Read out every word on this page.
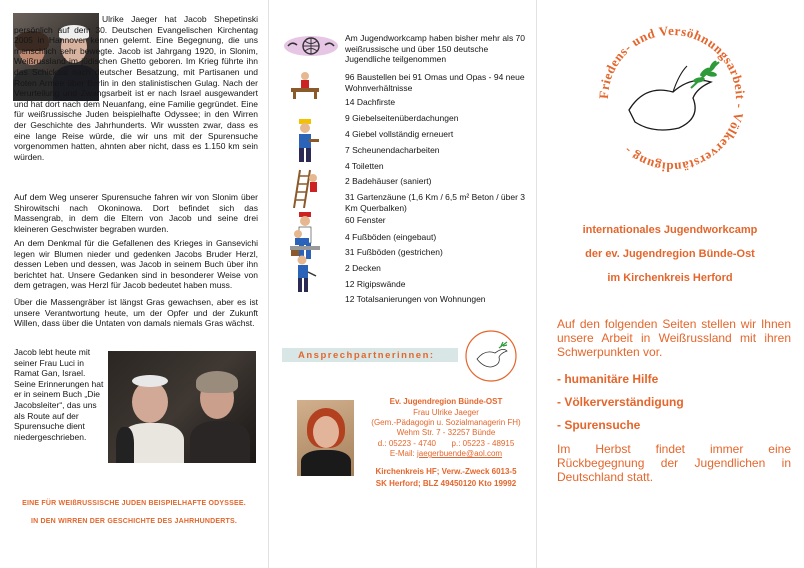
Ulrike Jaeger hat Jacob Shepetinski persönlich auf dem 30. Deutschen Evangelischen Kirchentag 2005 in Hannover kennen gelernt. Eine Begegnung, die uns menschlich sehr bewegte. Jacob ist Jahrgang 1920, in Slonim, Weißrussland im jüdischen Ghetto geboren. Im Krieg führte ihn das Schicksal nach deutscher Besatzung, mit Partisanen und Roten Armee über Berlin in den stalinistischen Gulag. Nach der Verurteilung und Zwangsarbeit ist er nach Israel ausgewandert und hat dort nach dem Neuanfang, eine Familie gegründet. Eine für weißrussische Juden beispielhafte Odyssee; in den Wirren der Geschichte des Jahrhunderts. Wir wussten zwar, dass es eine lange Reise würde, die wir uns mit der Spurensuche vorgenommen hatten, ahnten aber nicht, dass es 1.150 km sein würden.
Auf dem Weg unserer Spurensuche fahren wir von Slonim über Shirowitschi nach Okoninowa. Dort befindet sich das Massengrab, in dem die Eltern von Jacob und seine drei kleineren Geschwister begraben wurden.
An dem Denkmal für die Gefallenen des Krieges in Gansevichi legen wir Blumen nieder und gedenken Jacobs Bruder Herzl, dessen Leben und dessen, was Jacob in seinem Buch über ihn berichtet hat. Unsere Gedanken sind in besonderer Weise von dem getragen, was Herzl für Jacob bedeutet haben muss.
Über die Massengräber ist längst Gras gewachsen, aber es ist unsere Verantwortung heute, um der Opfer und der Zukunft Willen, dass über die Untaten von damals niemals Gras wächst.
Jacob lebt heute mit seiner Frau Luci in Ramat Gan, Israel. Seine Erinnerungen hat er in seinem Buch „Die Jacobsleiter“, das uns als Route auf der Spurensuche dient niedergeschrieben.
EINE FÜR WEIßRUSSISCHE JUDEN BEISPIELHAFTE ODYSSEE.
IN DEN WIRREN DER GESCHICHTE DES JAHRHUNDERTS.
Am Jugendworkcamp haben bisher mehr als 70 weißrussische und über 150 deutsche Jugendliche teilgenommen
96 Baustellen bei 91 Omas und Opas - 94 neue Wohnverhältnisse
14 Dachfirste
9 Giebelseitenüberdachungen
4 Giebel vollständig erneuert
7 Scheunendacharbeiten
4 Toiletten
2 Badehäuser (saniert)
31 Gartenzäune (1,6 Km / 6,5 m² Beton / über 3 Km Querbalken)
60 Fenster
4 Fußböden (eingebaut)
31 Fußböden (gestrichen)
2 Decken
12 Rigipswände
12 Totalsanierungen von Wohnungen
Ansprechpartnerinnen:
Ev. Jugendregion Bünde-OST
Frau Ulrike Jaeger
(Gem.-Pädagogin u. Sozialmanagerin FH)
Wehm Str. 7 - 32257 Bünde
d.: 05223 - 4740       p.: 05223 - 48915
E-Mail: jaegerbuende@aol.com
Kirchenkreis HF; Verw.-Zweck 6013-5
SK Herford; BLZ 49450120 Kto 19992
Friedens- und Versöhnungsarbeit - Völkerverständigung -
internationales Jugendworkcamp
der ev. Jugendregion Bünde-Ost
im Kirchenkreis Herford
Auf den folgenden Seiten stellen wir Ihnen unsere Arbeit in Weißrussland mit ihren Schwerpunkten vor.
- humanitäre Hilfe
- Völkerverständigung
- Spurensuche
Im Herbst findet immer eine Rückbegegnung der Jugendlichen in Deutschland statt.
